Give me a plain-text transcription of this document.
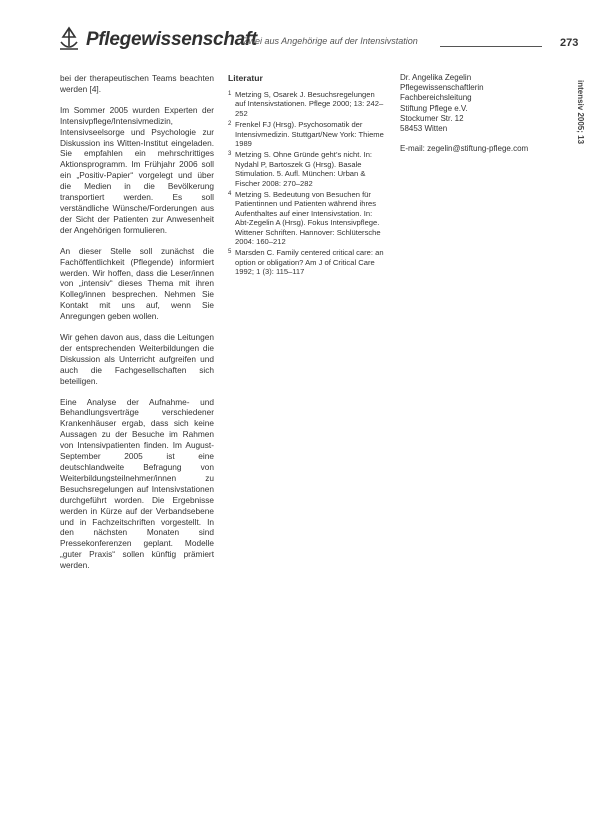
Pflegewissenschaft
Zwei aus Angehörige auf der Intensivstation	273
intensiv 2005; 13

bei der therapeutischen Teams beachten werden [4].

Im Sommer 2005 wurden Experten der Intensivpflege/Intensivmedizin, Intensivseelsorge und Psychologie zur Diskussion ins Witten-Institut eingeladen. Sie empfahlen ein mehrschrittiges Aktionsprogramm. Im Frühjahr 2006 soll ein „Positiv-Papier“ vorgelegt und über die Medien in die Bevölkerung transportiert werden. Es soll verständliche Wünsche/Forderungen aus der Sicht der Patienten zur Anwesenheit der Angehörigen formulieren.

An dieser Stelle soll zunächst die Fachöffentlichkeit (Pflegende) informiert werden. Wir hoffen, dass die Leser/innen von „intensiv“ dieses Thema mit ihren Kolleg/innen besprechen. Nehmen Sie Kontakt mit uns auf, wenn Sie Anregungen geben wollen.

Wir gehen davon aus, dass die Leitungen der entsprechenden Weiterbildungen die Diskussion als Unterricht aufgreifen und auch die Fachgesellschaften sich beteiligen.

Eine Analyse der Aufnahme- und Behandlungsverträge verschiedener Krankenhäuser ergab, dass sich keine Aussagen zu der Besuche im Rahmen von Intensivpatienten finden. Im August-September 2005 ist eine deutschlandweite Befragung von Weiterbildungsteilnehmer/innen zu Besuchsregelungen auf Intensivstationen durchgeführt worden. Die Ergebnisse werden in Kürze auf der Verbandsebene und in Fachzeitschriften vorgestellt. In den nächsten Monaten sind Pressekonferenzen geplant. Modelle „guter Praxis“ sollen künftig prämiert werden.

Literatur
1 Metzing S, Osarek J. Besuchsregelungen auf Intensivstationen. Pflege 2000; 13: 242–252
2 Frenkel FJ (Hrsg). Psychosomatik der Intensivmedizin. Stuttgart/New York: Thieme 1989
3 Metzing S. Ohne Gründe geht’s nicht. In: Nydahl P, Bartoszek G (Hrsg). Basale Stimulation. 5. Aufl. München: Urban & Fischer 2008: 270–282
4 Metzing S. Bedeutung von Besuchen für Patientinnen und Patienten während ihres Aufenthaltes auf einer Intensivstation. In: Abt-Zegelin A (Hrsg). Fokus Intensivpflege. Wittener Schriften. Hannover: Schlütersche 2004: 160–212
5 Marsden C. Family centered critical care: an option or obligation? Am J of Critical Care 1992; 1 (3): 115–117
Dr. Angelika Zegelin
Pflegewissenschaftlerin
Fachbereichsleitung
Stiftung Pflege e.V.
Stockumer Str. 12
58453 Witten
E-mail: zegelin@stiftung-pflege.com
